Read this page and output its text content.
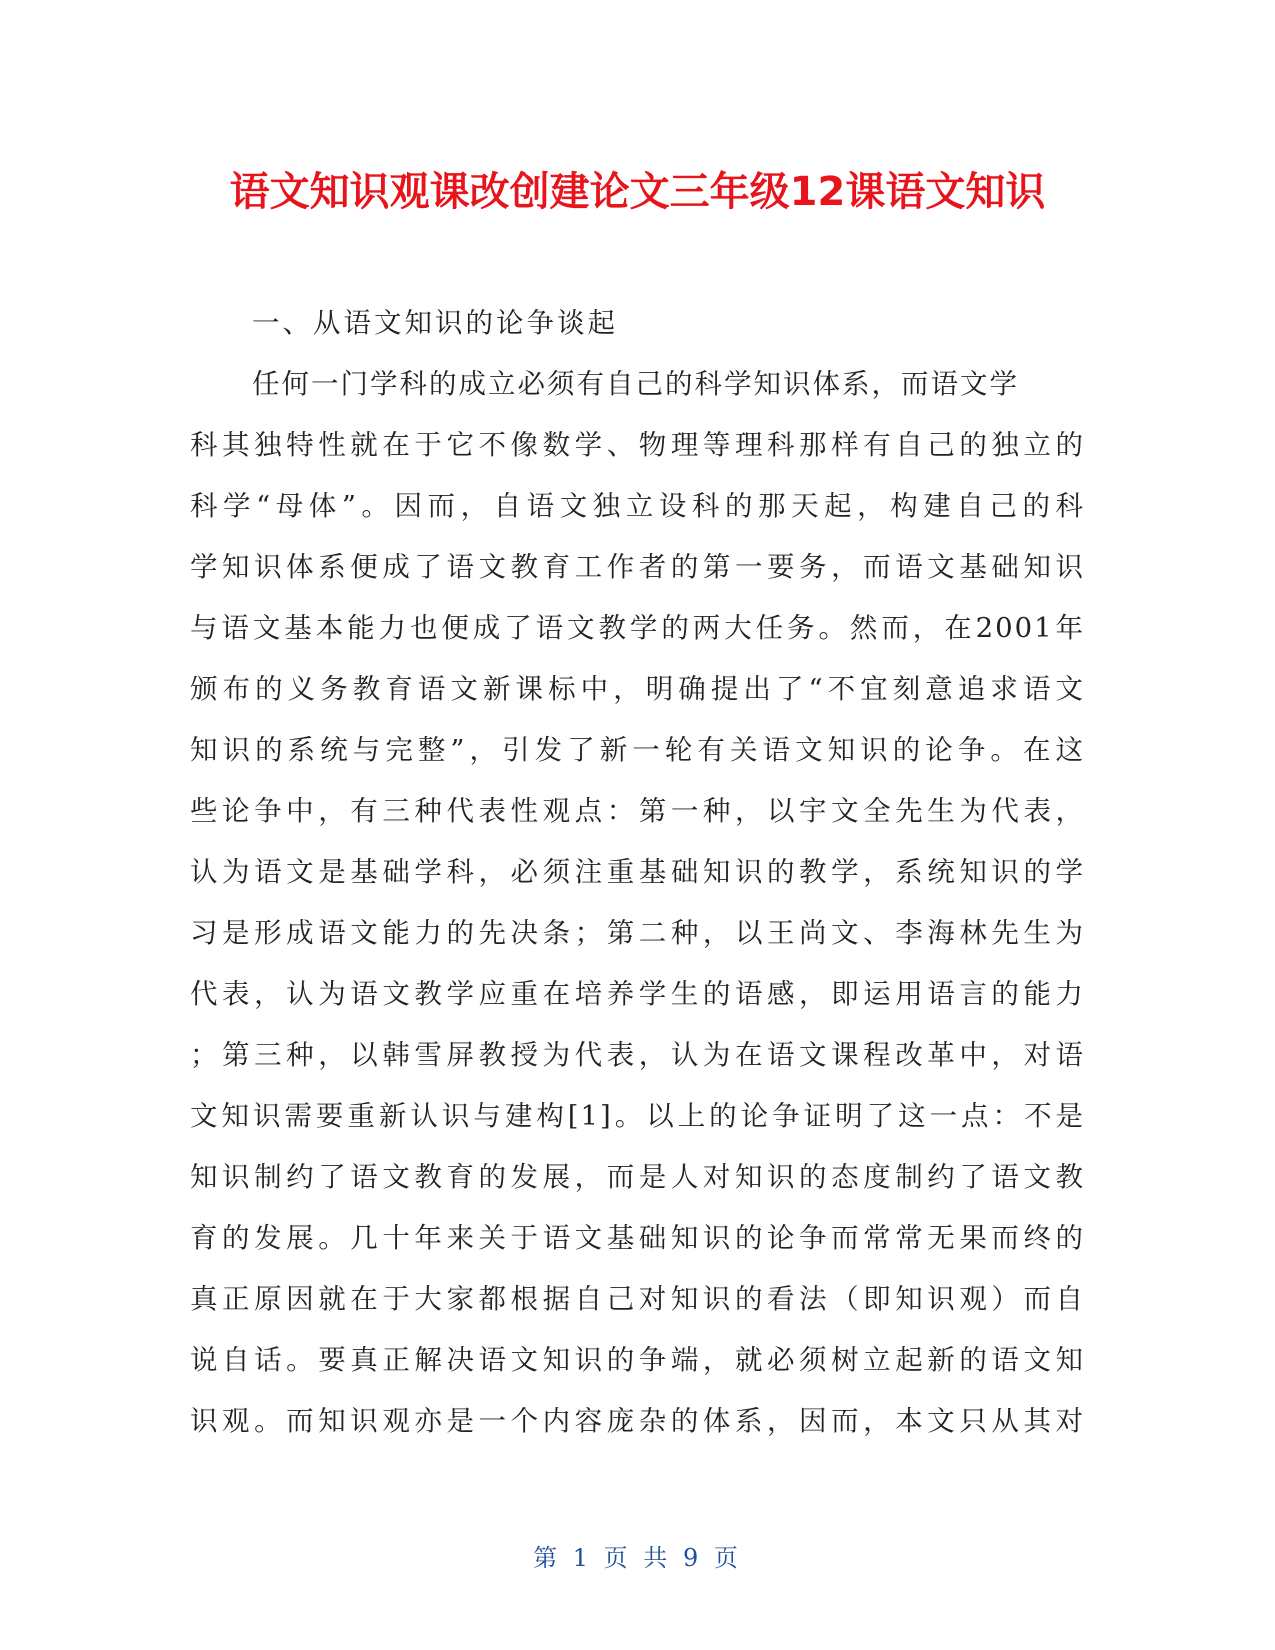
语文知识观课改创建论文三年级12课语文知识
一、从语文知识的论争谈起
任何一门学科的成立必须有自己的科学知识体系，而语文学
科其独特性就在于它不像数学、物理等理科那样有自己的独立的
科学“母体”。因而，自语文独立设科的那天起，构建自己的科
学知识体系便成了语文教育工作者的第一要务，而语文基础知识
与语文基本能力也便成了语文教学的两大任务。然而，在2001年
颁布的义务教育语文新课标中，明确提出了“不宜刻意追求语文
知识的系统与完整”，引发了新一轮有关语文知识的论争。在这
些论争中，有三种代表性观点：第一种，以宇文全先生为代表，
认为语文是基础学科，必须注重基础知识的教学，系统知识的学
习是形成语文能力的先决条；第二种，以王尚文、李海林先生为
代表，认为语文教学应重在培养学生的语感，即运用语言的能力
；第三种，以韩雪屏教授为代表，认为在语文课程改革中，对语
文知识需要重新认识与建构[1]。以上的论争证明了这一点：不是
知识制约了语文教育的发展，而是人对知识的态度制约了语文教
育的发展。几十年来关于语文基础知识的论争而常常无果而终的
真正原因就在于大家都根据自己对知识的看法（即知识观）而自
说自话。要真正解决语文知识的争端，就必须树立起新的语文知
识观。而知识观亦是一个内容庞杂的体系，因而，本文只从其对
第 1 页 共 9 页
